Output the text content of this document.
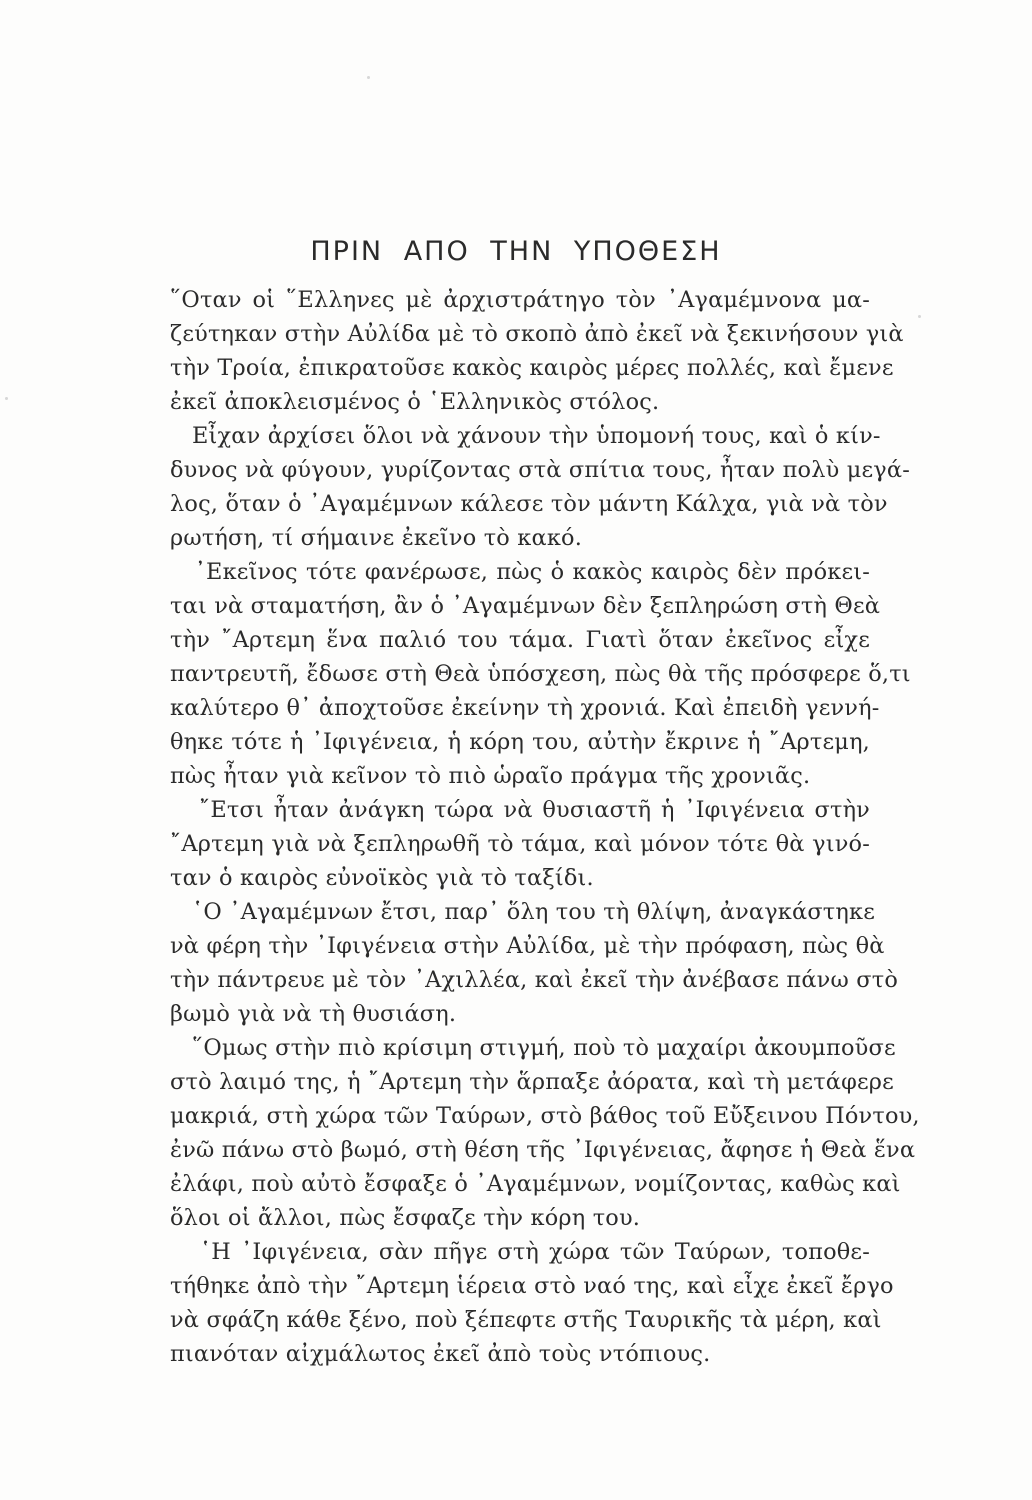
ΠΡΙΝ ΑΠΟ ΤΗΝ ΥΠΟΘΕΣΗ
῞Οταν οἱ ῞Ελληνες μὲ ἀρχιστράτηγο τὸν ᾿Αγαμέμνονα μα-
ζεύτηκαν στὴν Αὐλίδα μὲ τὸ σκοπὸ ἀπὸ ἐκεῖ νὰ ξεκινήσουν γιὰ
τὴν Τροία, ἐπικρατοῦσε κακὸς καιρὸς μέρες πολλές, καὶ ἔμενε
ἐκεῖ ἀποκλεισμένος ὁ ῾Ελληνικὸς στόλος.
Εἶχαν ἀρχίσει ὅλοι νὰ χάνουν τὴν ὑπομονή τους, καὶ ὁ κίν-
δυνος νὰ φύγουν, γυρίζοντας στὰ σπίτια τους, ἦταν πολὺ μεγά-
λος, ὅταν ὁ ᾿Αγαμέμνων κάλεσε τὸν μάντη Κάλχα, γιὰ νὰ τὸν
ρωτήση, τί σήμαινε ἐκεῖνο τὸ κακό.
᾿Εκεῖνος τότε φανέρωσε, πὼς ὁ κακὸς καιρὸς δὲν πρόκει-
ται νὰ σταματήση, ἂν ὁ ᾿Αγαμέμνων δὲν ξεπληρώση στὴ Θεὰ
τὴν ῎Αρτεμη ἕνα παλιό του τάμα. Γιατὶ ὅταν ἐκεῖνος εἶχε
παντρευτῆ, ἔδωσε στὴ Θεὰ ὑπόσχεση, πὼς θὰ τῆς πρόσφερε ὅ,τι
καλύτερο θ᾿ ἀποχτοῦσε ἐκείνην τὴ χρονιά. Καὶ ἐπειδὴ γεννή-
θηκε τότε ἡ ᾿Ιφιγένεια, ἡ κόρη του, αὐτὴν ἔκρινε ἡ ῎Αρτεμη,
πὼς ἦταν γιὰ κεῖνον τὸ πιὸ ὡραῖο πράγμα τῆς χρονιᾶς.
῎Ετσι ἦταν ἀνάγκη τώρα νὰ θυσιαστῆ ἡ ᾿Ιφιγένεια στὴν
῎Αρτεμη γιὰ νὰ ξεπληρωθῆ τὸ τάμα, καὶ μόνον τότε θὰ γινό-
ταν ὁ καιρὸς εὐνοϊκὸς γιὰ τὸ ταξίδι.
῾Ο ᾿Αγαμέμνων ἔτσι, παρ᾿ ὅλη του τὴ θλίψη, ἀναγκάστηκε
νὰ φέρη τὴν ᾿Ιφιγένεια στὴν Αὐλίδα, μὲ τὴν πρόφαση, πὼς θὰ
τὴν πάντρευε μὲ τὸν ᾿Αχιλλέα, καὶ ἐκεῖ τὴν ἀνέβασε πάνω στὸ
βωμὸ γιὰ νὰ τὴ θυσιάση.
῞Ομως στὴν πιὸ κρίσιμη στιγμή, ποὺ τὸ μαχαίρι ἀκουμποῦσε
στὸ λαιμό της, ἡ ῎Αρτεμη τὴν ἅρπαξε ἀόρατα, καὶ τὴ μετάφερε
μακριά, στὴ χώρα τῶν Ταύρων, στὸ βάθος τοῦ Εὔξεινου Πόντου,
ἐνῶ πάνω στὸ βωμό, στὴ θέση τῆς ᾿Ιφιγένειας, ἄφησε ἡ Θεὰ ἕνα
ἐλάφι, ποὺ αὐτὸ ἔσφαξε ὁ ᾿Αγαμέμνων, νομίζοντας, καθὼς καὶ
ὅλοι οἱ ἄλλοι, πὼς ἔσφαζε τὴν κόρη του.
῾Η ᾿Ιφιγένεια, σὰν πῆγε στὴ χώρα τῶν Ταύρων, τοποθε-
τήθηκε ἀπὸ τὴν ῎Αρτεμη ἱέρεια στὸ ναό της, καὶ εἶχε ἐκεῖ ἔργο
νὰ σφάζη κάθε ξένο, ποὺ ξέπεφτε στῆς Ταυρικῆς τὰ μέρη, καὶ
πιανόταν αἰχμάλωτος ἐκεῖ ἀπὸ τοὺς ντόπιους.
